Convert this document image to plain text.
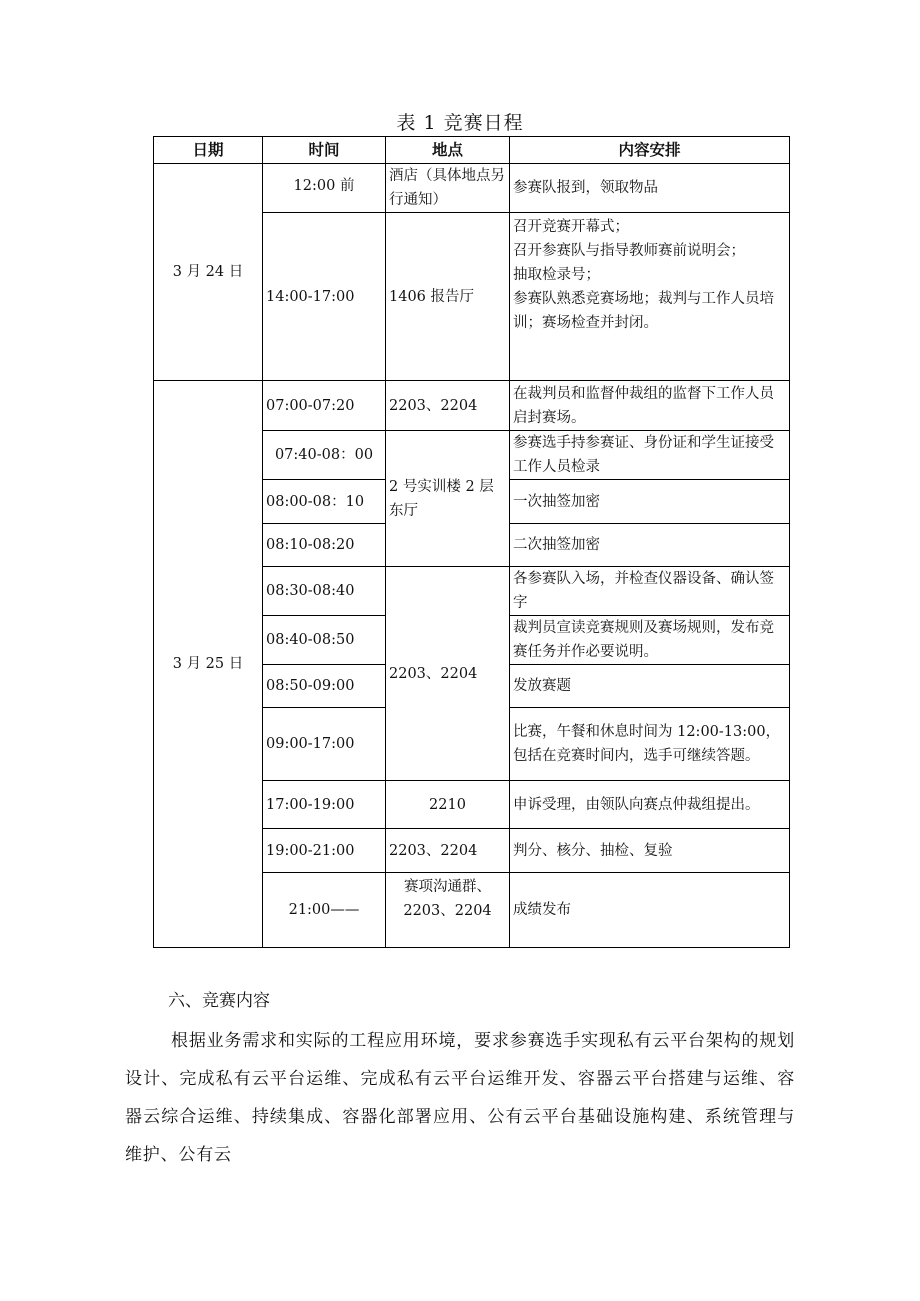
表 1 竞赛日程
日期	时间	地点	内容安排
3 月 24 日	12:00 前	酒店（具体地点另行通知）	参赛队报到，领取物品
	14:00-17:00	1406 报告厅	召开竞赛开幕式；
召开参赛队与指导教师赛前说明会；
抽取检录号；
参赛队熟悉竞赛场地；裁判与工作人员培训；赛场检查并封闭。

3 月 25 日	07:00-07:20	2203、2204	在裁判员和监督仲裁组的监督下工作人员启封赛场。
	07:40-08：00	2 号实训楼 2 层东厅	参赛选手持参赛证、身份证和学生证接受工作人员检录
	08:00-08：10		一次抽签加密
	08:10-08:20		二次抽签加密
	08:30-08:40	2203、2204	各参赛队入场，并检查仪器设备、确认签字
	08:40-08:50		裁判员宣读竞赛规则及赛场规则，发布竞赛任务并作必要说明。
	08:50-09:00		发放赛题
	09:00-17:00		比赛，午餐和休息时间为 12:00-13:00，包括在竞赛时间内，选手可继续答题。
	17:00-19:00	2210	申诉受理，由领队向赛点仲裁组提出。
	19:00-21:00	2203、2204	判分、核分、抽检、复验
	21:00——	赛项沟通群、2203、2204	成绩发布
六、竞赛内容
根据业务需求和实际的工程应用环境，要求参赛选手实现私有云平台架构的规划设计、完成私有云平台运维、完成私有云平台运维开发、容器云平台搭建与运维、容器云综合运维、持续集成、容器化部署应用、公有云平台基础设施构建、系统管理与维护、公有云
